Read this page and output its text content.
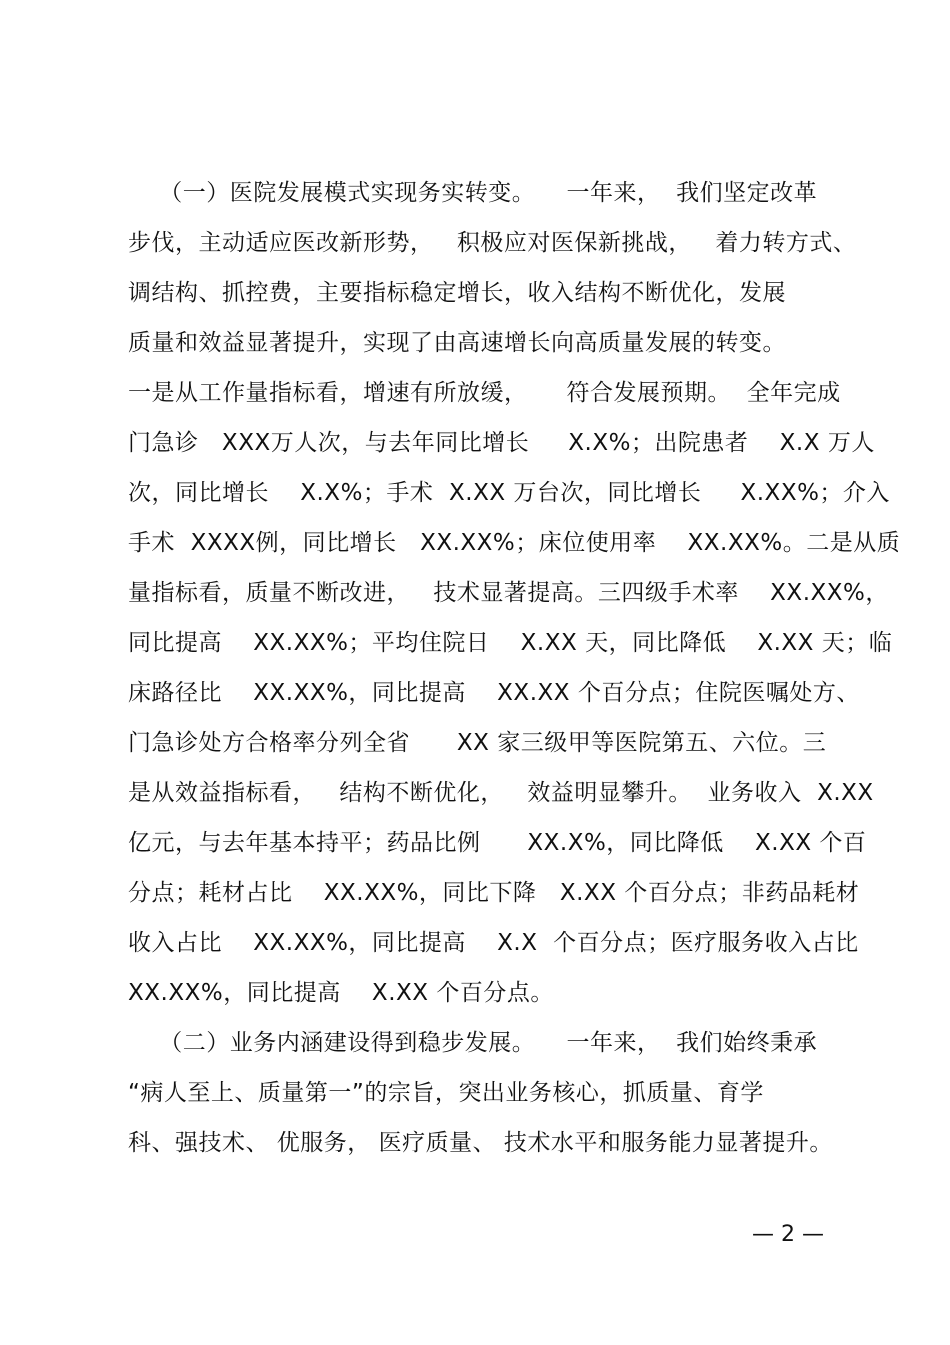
（一）医院发展模式实现务实转变。    一年来，  我们坚定改革
步伐，主动适应医改新形势，   积极应对医保新挑战，   着力转方式、
调结构、抓控费，主要指标稳定增长，收入结构不断优化，发展
质量和效益显著提升，实现了由高速增长向高质量发展的转变。
一是从工作量指标看，增速有所放缓，     符合发展预期。  全年完成
门急诊   XXX万人次，与去年同比增长     X.X%；出院患者    X.X 万人
次，同比增长    X.X%；手术  X.XX 万台次，同比增长     X.XX%；介入
手术  XXXX例，同比增长   XX.XX%；床位使用率    XX.XX%。二是从质
量指标看，质量不断改进，   技术显著提高。三四级手术率    XX.XX%，
同比提高    XX.XX%；平均住院日    X.XX 天，同比降低    X.XX 天；临
床路径比    XX.XX%，同比提高    XX.XX 个百分点；住院医嘱处方、
门急诊处方合格率分列全省      XX 家三级甲等医院第五、六位。三
是从效益指标看，   结构不断优化，   效益明显攀升。  业务收入  X.XX
亿元，与去年基本持平；药品比例      XX.X%，同比降低    X.XX 个百
分点；耗材占比    XX.XX%，同比下降   X.XX 个百分点；非药品耗材
收入占比    XX.XX%，同比提高    X.X  个百分点；医疗服务收入占比
XX.XX%，同比提高    X.XX 个百分点。
（二）业务内涵建设得到稳步发展。    一年来，  我们始终秉承
“病人至上、质量第一”的宗旨，突出业务核心，抓质量、育学
科、强技术、 优服务， 医疗质量、 技术水平和服务能力显著提升。
— 2 —
